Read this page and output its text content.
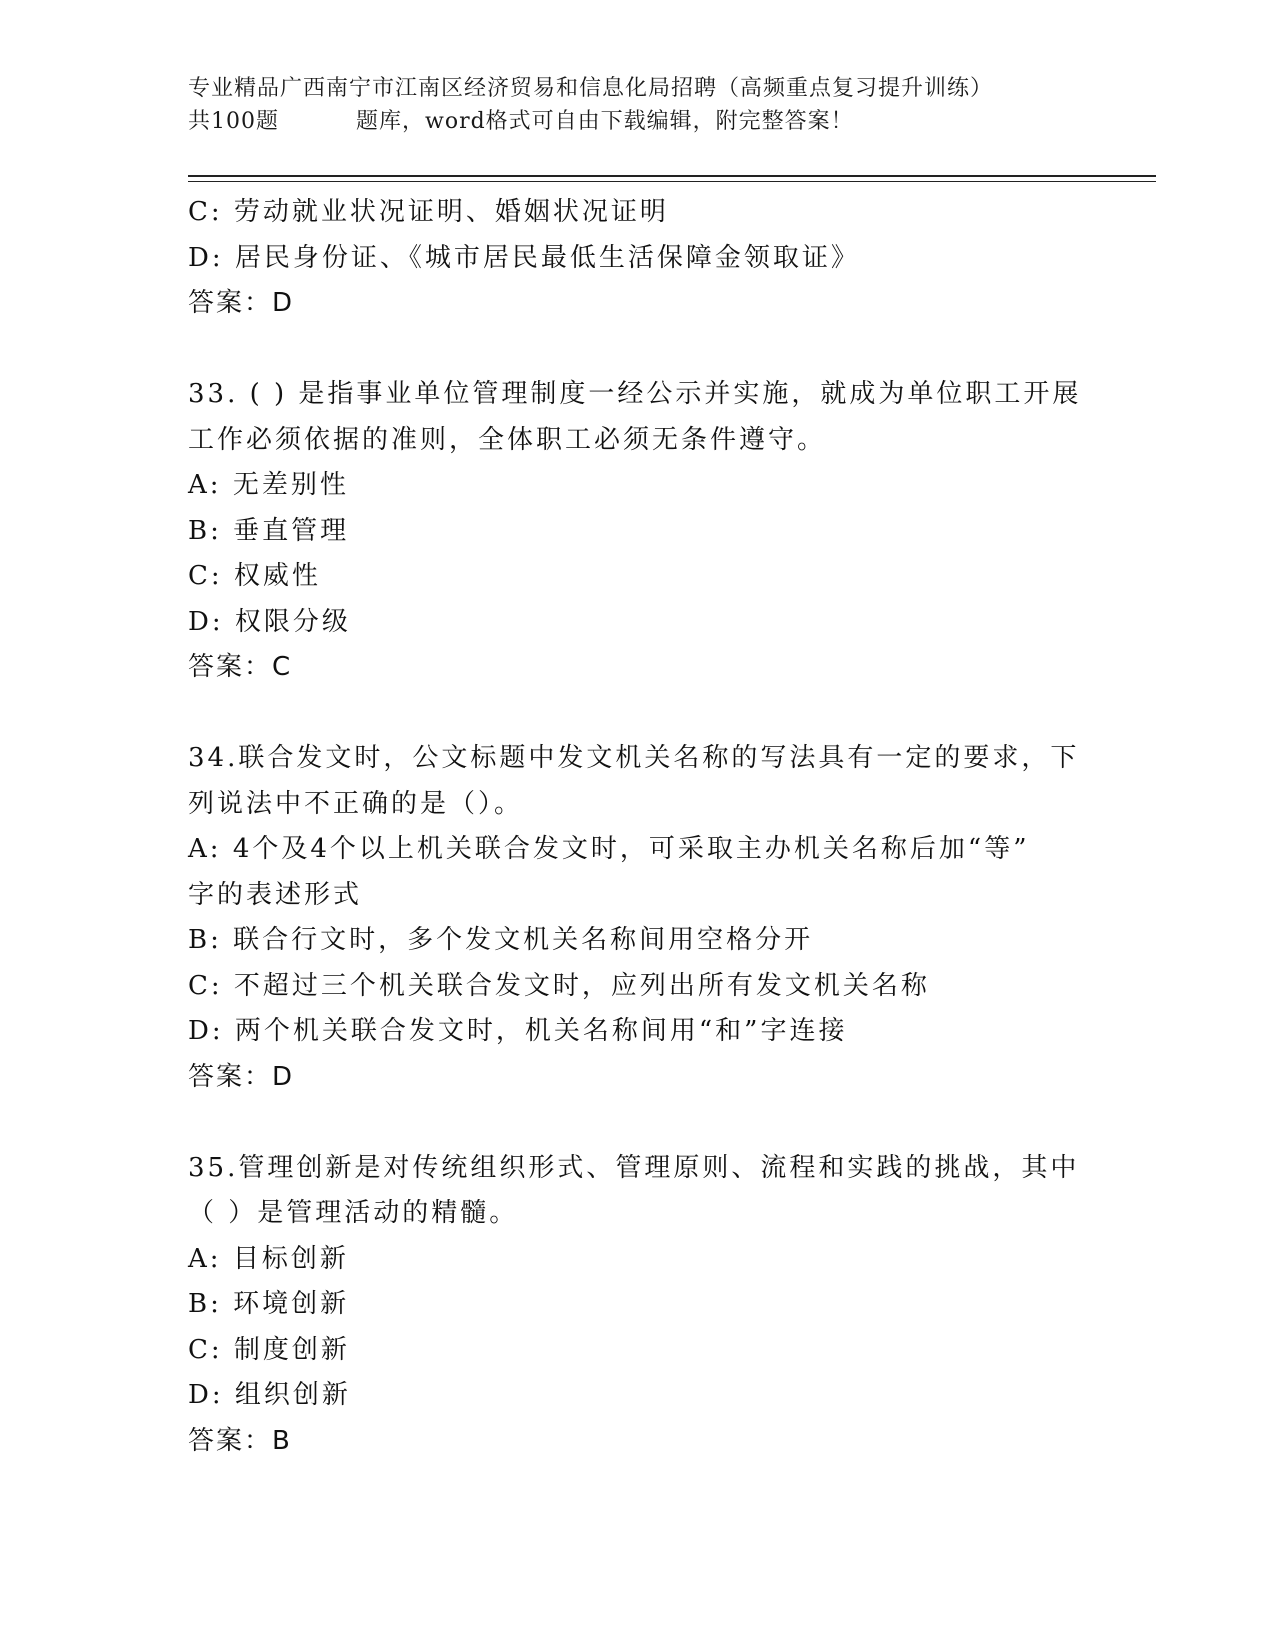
专业精品广西南宁市江南区经济贸易和信息化局招聘（高频重点复习提升训练）
共100题	题库，word格式可自由下载编辑，附完整答案！
C: 劳动就业状况证明、婚姻状况证明
D: 居民身份证、《城市居民最低生活保障金领取证》
答案：D
33. ( ) 是指事业单位管理制度一经公示并实施，就成为单位职工开展
工作必须依据的准则，全体职工必须无条件遵守。
A: 无差别性
B: 垂直管理
C: 权威性
D: 权限分级
答案：C
34.联合发文时，公文标题中发文机关名称的写法具有一定的要求，下
列说法中不正确的是（）。
A: 4个及4个以上机关联合发文时，可采取主办机关名称后加“等”
字的表述形式
B: 联合行文时，多个发文机关名称间用空格分开
C: 不超过三个机关联合发文时，应列出所有发文机关名称
D: 两个机关联合发文时，机关名称间用“和”字连接
答案：D
35.管理创新是对传统组织形式、管理原则、流程和实践的挑战，其中
（ ）是管理活动的精髓。
A: 目标创新
B: 环境创新
C: 制度创新
D: 组织创新
答案：B
